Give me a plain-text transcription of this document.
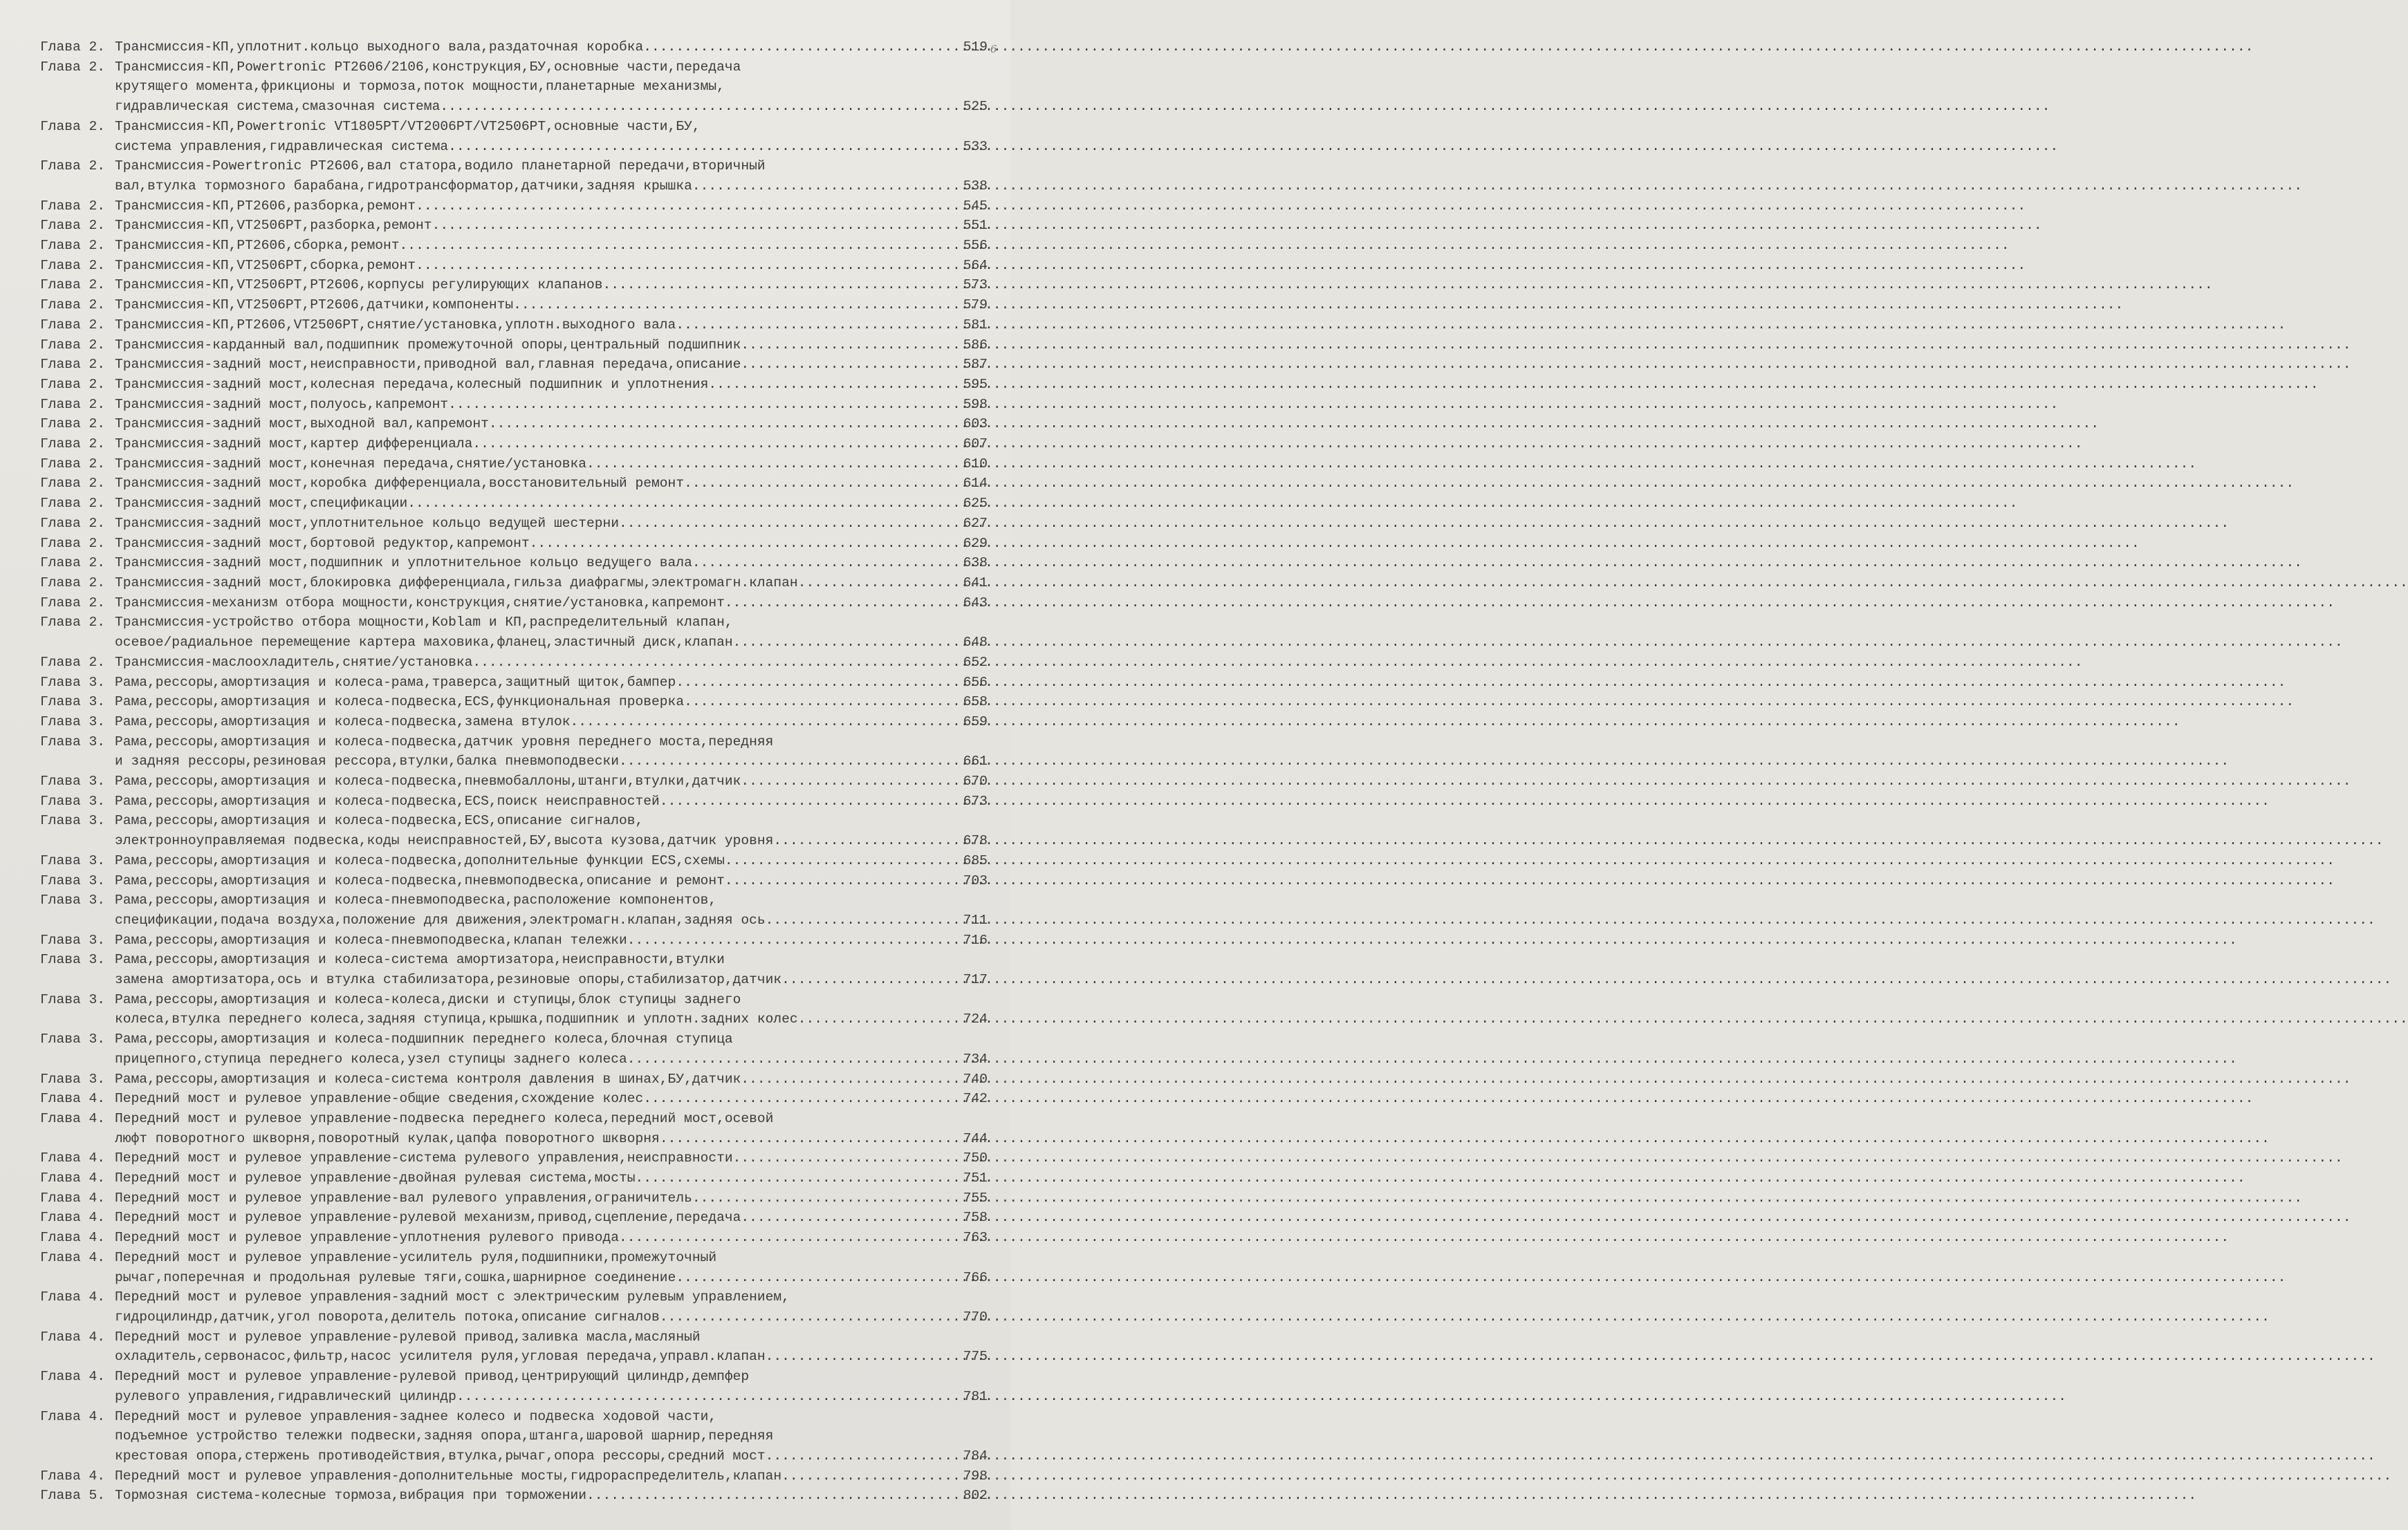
6
Глава 2. Трансмиссия-КП,уплотнит.кольцо выходного вала,раздаточная коробка .....	519
Глава 2. Трансмиссия-КП,Powertronic PT2606/2106,конструкция,БУ,основные части,передача
крутящего момента,фрикционы и тормоза,поток мощности,планетарные механизмы,
гидравлическая система,смазочная система .....	525
Глава 2. Трансмиссия-КП,Powertronic VT1805PT/VT2006PT/VT2506PT,основные части,БУ,
система управления,гидравлическая система .....	533
Глава 2. Трансмиссия-Powertronic PT2606,вал статора,водило планетарной передачи,вторичный
вал,втулка тормозного барабана,гидротрансформатор,датчики,задняя крышка .....	538
Глава 2. Трансмиссия-КП,PT2606,разборка,ремонт .....	545
Глава 2. Трансмиссия-КП,VT2506PT,разборка,ремонт .....	551
Глава 2. Трансмиссия-КП,PT2606,сборка,ремонт .....	556
Глава 2. Трансмиссия-КП,VT2506PT,сборка,ремонт .....	564
Глава 2. Трансмиссия-КП,VT2506PT,PT2606,корпусы регулирующих клапанов .....	573
Глава 2. Трансмиссия-КП,VT2506PT,PT2606,датчики,компоненты .....	579
Глава 2. Трансмиссия-КП,PT2606,VT2506PT,снятие/установка,уплотн.выходного вала .....	581
Глава 2. Трансмиссия-карданный вал,подшипник промежуточной опоры,центральный подшипник .....	586
Глава 2. Трансмиссия-задний мост,неисправности,приводной вал,главная передача,описание .....	587
Глава 2. Трансмиссия-задний мост,колесная передача,колесный подшипник и уплотнения .....	595
Глава 2. Трансмиссия-задний мост,полуось,капремонт .....	598
Глава 2. Трансмиссия-задний мост,выходной вал,капремонт .....	603
Глава 2. Трансмиссия-задний мост,картер дифференциала .....	607
Глава 2. Трансмиссия-задний мост,конечная передача,снятие/установка .....	610
Глава 2. Трансмиссия-задний мост,коробка дифференциала,восстановительный ремонт .....	614
Глава 2. Трансмиссия-задний мост,спецификации .....	625
Глава 2. Трансмиссия-задний мост,уплотнительное кольцо ведущей шестерни .....	627
Глава 2. Трансмиссия-задний мост,бортовой редуктор,капремонт .....	629
Глава 2. Трансмиссия-задний мост,подшипник и уплотнительное кольцо ведущего вала .....	638
Глава 2. Трансмиссия-задний мост,блокировка дифференциала,гильза диафрагмы,электромагн.клапан .....	641
Глава 2. Трансмиссия-механизм отбора мощности,конструкция,снятие/установка,капремонт .....	643
Глава 2. Трансмиссия-устройство отбора мощности,Koblam и КП,распределительный клапан,
осевое/радиальное перемещение картера маховика,фланец,эластичный диск,клапан .....	648
Глава 2. Трансмиссия-маслоохладитель,снятие/установка .....	652
Глава 3. Рама,рессоры,амортизация и колеса-рама,траверса,защитный щиток,бампер .....	656
Глава 3. Рама,рессоры,амортизация и колеса-подвеска,ECS,функциональная проверка .....	658
Глава 3. Рама,рессоры,амортизация и колеса-подвеска,замена втулок .....	659
Глава 3. Рама,рессоры,амортизация и колеса-подвеска,датчик уровня переднего моста,передняя
и задняя рессоры,резиновая рессора,втулки,балка пневмоподвески .....	661
Глава 3. Рама,рессоры,амортизация и колеса-подвеска,пневмобаллоны,штанги,втулки,датчик .....	670
Глава 3. Рама,рессоры,амортизация и колеса-подвеска,ECS,поиск неисправностей .....	673
Глава 3. Рама,рессоры,амортизация и колеса-подвеска,ECS,описание сигналов,
электронноуправляемая подвеска,коды неисправностей,БУ,высота кузова,датчик уровня .....	678
Глава 3. Рама,рессоры,амортизация и колеса-подвеска,дополнительные функции ECS,схемы .....	685
Глава 3. Рама,рессоры,амортизация и колеса-подвеска,пневмоподвеска,описание и ремонт .....	703
Глава 3. Рама,рессоры,амортизация и колеса-пневмоподвеска,расположение компонентов,
спецификации,подача воздуха,положение для движения,электромагн.клапан,задняя ось .....	711
Глава 3. Рама,рессоры,амортизация и колеса-пневмоподвеска,клапан тележки .....	716
Глава 3. Рама,рессоры,амортизация и колеса-система амортизатора,неисправности,втулки
замена амортизатора,ось и втулка стабилизатора,резиновые опоры,стабилизатор,датчик .....	717
Глава 3. Рама,рессоры,амортизация и колеса-колеса,диски и ступицы,блок ступицы заднего
колеса,втулка переднего колеса,задняя ступица,крышка,подшипник и уплотн.задних колес .....	724
Глава 3. Рама,рессоры,амортизация и колеса-подшипник переднего колеса,блочная ступица
прицепного,ступица переднего колеса,узел ступицы заднего колеса .....	734
Глава 3. Рама,рессоры,амортизация и колеса-система контроля давления в шинах,БУ,датчик .....	740
Глава 4. Передний мост и рулевое управление-общие сведения,схождение колес .....	742
Глава 4. Передний мост и рулевое управление-подвеска переднего колеса,передний мост,осевой
люфт поворотного шкворня,поворотный кулак,цапфа поворотного шкворня .....	744
Глава 4. Передний мост и рулевое управление-система рулевого управления,неисправности .....	750
Глава 4. Передний мост и рулевое управление-двойная рулевая система,мосты .....	751
Глава 4. Передний мост и рулевое управление-вал рулевого управления,ограничитель .....	755
Глава 4. Передний мост и рулевое управление-рулевой механизм,привод,сцепление,передача .....	758
Глава 4. Передний мост и рулевое управление-уплотнения рулевого привода .....	763
Глава 4. Передний мост и рулевое управление-усилитель руля,подшипники,промежуточный
рычаг,поперечная и продольная рулевые тяги,сошка,шарнирное соединение .....	766
Глава 4. Передний мост и рулевое управления-задний мост с электрическим рулевым управлением,
гидроцилиндр,датчик,угол поворота,делитель потока,описание сигналов .....	770
Глава 4. Передний мост и рулевое управление-рулевой привод,заливка масла,масляный
охладитель,сервонасос,фильтр,насос усилителя руля,угловая передача,управл.клапан .....	775
Глава 4. Передний мост и рулевое управление-рулевой привод,центрирующий цилиндр,демпфер
рулевого управления,гидравлический цилиндр .....	781
Глава 4. Передний мост и рулевое управления-заднее колесо и подвеска ходовой части,
подъемное устройство тележки подвески,задняя опора,штанга,шаровой шарнир,передняя
крестовая опора,стержень противодействия,втулка,рычаг,опора рессоры,средний мост .....	784
Глава 4. Передний мост и рулевое управления-дополнительные мосты,гидрораспределитель,клапан .....	798
Глава 5. Тормозная система-колесные тормоза,вибрация при торможении .....	802
